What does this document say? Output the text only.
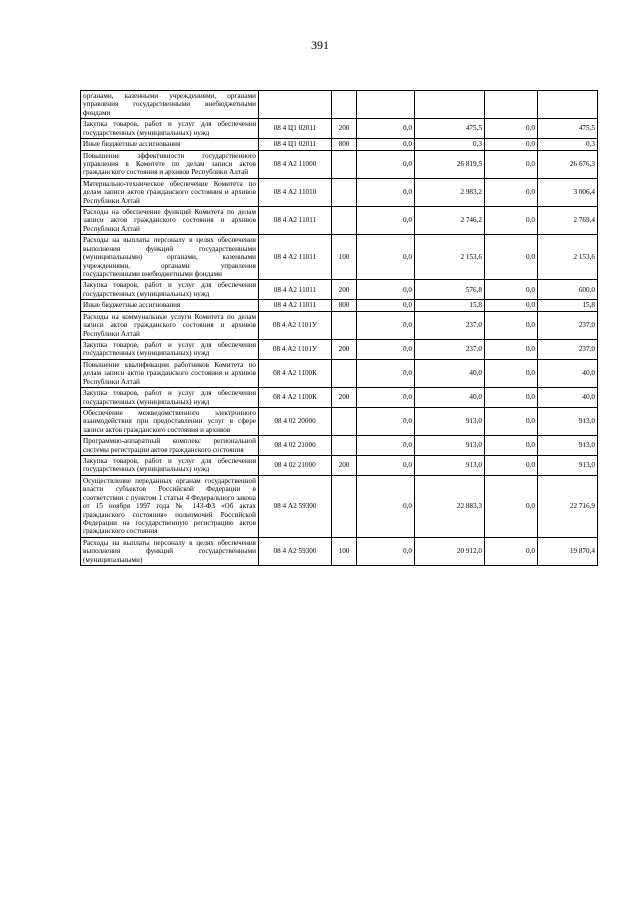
391
органами, казенными учреждениями, органами управления государственными внебюджетными фондами						
Закупка товаров, работ и услуг для обеспечения государственных (муниципальных) нужд	08 4 Ц1 02011	200	0,0	475,5	0,0	475,5
Иные бюджетные ассигнования	08 4 Ц1 02011	800	0,0	0,3	0,0	0,3
Повышение эффективности государственного управления в Комитете по делам записи актов гражданского состояния и архивов Республики Алтай	08 4 А2 11000		0,0	26 819,5	0,0	26 676,3
Материально-техническое обеспечение Комитета по делам записи актов гражданского состояния и архивов Республики Алтай	08 4 А2 11010		0,0	2 983,2	0,0	3 006,4
Расходы на обеспечение функций Комитета по делам записи актов гражданского состояния и архивов Республики Алтай	08 4 А2 11011		0,0	2 746,2	0,0	2 769,4
Расходы на выплаты персоналу в целях обеспечения выполнения функций государственными (муниципальными) органами, казенными учреждениями, органами управления государственными внебюджетными фондами	08 4 А2 11011	100	0,0	2 153,6	0,0	2 153,6
Закупка товаров, работ и услуг для обеспечения государственных (муниципальных) нужд	08 4 А2 11011	200	0,0	576,8	0,0	600,0
Иные бюджетные ассигнования	08 4 А2 11011	800	0,0	15,8	0,0	15,8
Расходы на коммунальные услуги Комитета по делам записи актов гражданского состояния и архивов Республики Алтай	08 4 А2 1101У		0,0	237,0	0,0	237,0
Закупка товаров, работ и услуг для обеспечения государственных (муниципальных) нужд	08 4 А2 1101У	200	0,0	237,0	0,0	237,0
Повышение квалификации работников Комитета по делам записи актов гражданского состояния и архивов Республики Алтай	08 4 А2 1100К		0,0	40,0	0,0	40,0
Закупка товаров, работ и услуг для обеспечения государственных (муниципальных) нужд	08 4 А2 1100К	200	0,0	40,0	0,0	40,0
Обеспечение межведомственного электронного взаимодействия при предоставлении услуг в сфере записи актов гражданского состояния и архивов	08 4 02 20000		0,0	913,0	0,0	913,0
Программно-аппаратный комплекс региональной системы регистрации актов гражданского состояния	08 4 02 21000		0,0	913,0	0,0	913,0
Закупка товаров, работ и услуг для обеспечения государственных (муниципальных) нужд	08 4 02 21000	200	0,0	913,0	0,0	913,0
Осуществление переданных органам государственной власти субъектов Российской Федерации в соответствии с пунктом 1 статьи 4 Федерального закона от 15 ноября 1997 года № 143-ФЗ «Об актах гражданского состояния» полномочий Российской Федерации на государственную регистрацию актов гражданского состояния	08 4 А2 59300		0,0	22 883,3	0,0	22 716,9
Расходы на выплаты персоналу в целях обеспечения выполнения функций государственными (муниципальными)	08 4 А2 59300	100	0,0	20 912,0	0,0	19 870,4
